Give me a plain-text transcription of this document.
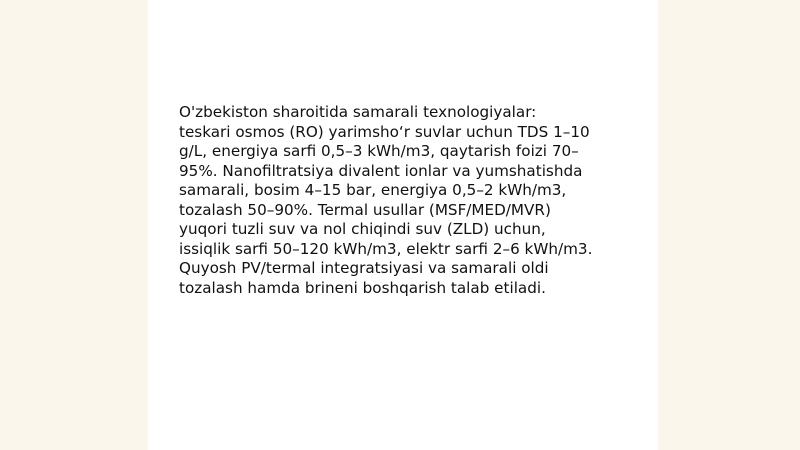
O'zbekiston sharoitida samarali texnologiyalar:
teskari osmos (RO) yarimsho‘r suvlar uchun TDS 1–10
g/L, energiya sarfi 0,5–3 kWh/m3, qaytarish foizi 70–
95%. Nanofiltratsiya divalent ionlar va yumshatishda
samarali, bosim 4–15 bar, energiya 0,5–2 kWh/m3,
tozalash 50–90%. Termal usullar (MSF/MED/MVR)
yuqori tuzli suv va nol chiqindi suv (ZLD) uchun,
issiqlik sarfi 50–120 kWh/m3, elektr sarfi 2–6 kWh/m3.
Quyosh PV/termal integratsiyasi va samarali oldi
tozalash hamda brineni boshqarish talab etiladi.
